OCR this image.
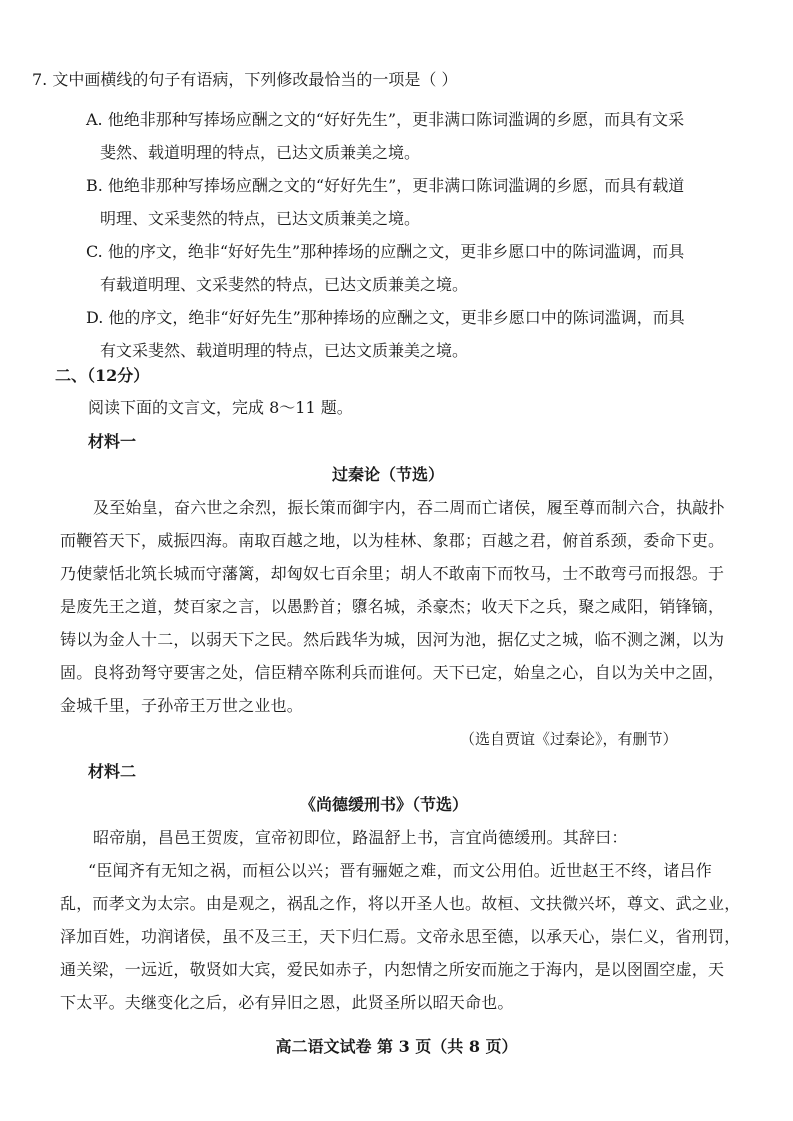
7. 文中画横线的句子有语病，下列修改最恰当的一项是（ ）
A. 他绝非那种写捧场应酬之文的“好好先生”，更非满口陈词滥调的乡愿，而具有文采
斐然、载道明理的特点，已达文质兼美之境。
B. 他绝非那种写捧场应酬之文的“好好先生”，更非满口陈词滥调的乡愿，而具有载道
明理、文采斐然的特点，已达文质兼美之境。
C. 他的序文，绝非“好好先生”那种捧场的应酬之文，更非乡愿口中的陈词滥调，而具
有载道明理、文采斐然的特点，已达文质兼美之境。
D. 他的序文，绝非“好好先生”那种捧场的应酬之文，更非乡愿口中的陈词滥调，而具
有文采斐然、载道明理的特点，已达文质兼美之境。
二、（12分）
阅读下面的文言文，完成 8～11 题。
材料一
过秦论（节选）
及至始皇，奋六世之余烈，振长策而御宇内，吞二周而亡诸侯，履至尊而制六合，执敲扑
而鞭笞天下，威振四海。南取百越之地，以为桂林、象郡；百越之君，俯首系颈，委命下吏。
乃使蒙恬北筑长城而守藩篱，却匈奴七百余里；胡人不敢南下而牧马，士不敢弯弓而报怨。于
是废先王之道，焚百家之言，以愚黔首；隳名城，杀豪杰；收天下之兵，聚之咸阳，销锋镝，
铸以为金人十二，以弱天下之民。然后践华为城，因河为池，据亿丈之城，临不测之渊，以为
固。良将劲弩守要害之处，信臣精卒陈利兵而谁何。天下已定，始皇之心，自以为关中之固，
金城千里，子孙帝王万世之业也。
（选自贾谊《过秦论》，有删节）
材料二
《尚德缓刑书》（节选）
昭帝崩，昌邑王贺废，宣帝初即位，路温舒上书，言宜尚德缓刑。其辞曰：
“臣闻齐有无知之祸，而桓公以兴；晋有骊姬之难，而文公用伯。近世赵王不终，诸吕作
乱，而孝文为太宗。由是观之，祸乱之作，将以开圣人也。故桓、文扶微兴坏，尊文、武之业，
泽加百姓，功润诸侯，虽不及三王，天下归仁焉。文帝永思至德，以承天心，崇仁义，省刑罚，
通关梁，一远近，敬贤如大宾，爱民如赤子，内恕情之所安而施之于海内，是以囹圄空虚，天
下太平。夫继变化之后，必有异旧之恩，此贤圣所以昭天命也。
高二语文试卷 第 3 页（共 8 页）
